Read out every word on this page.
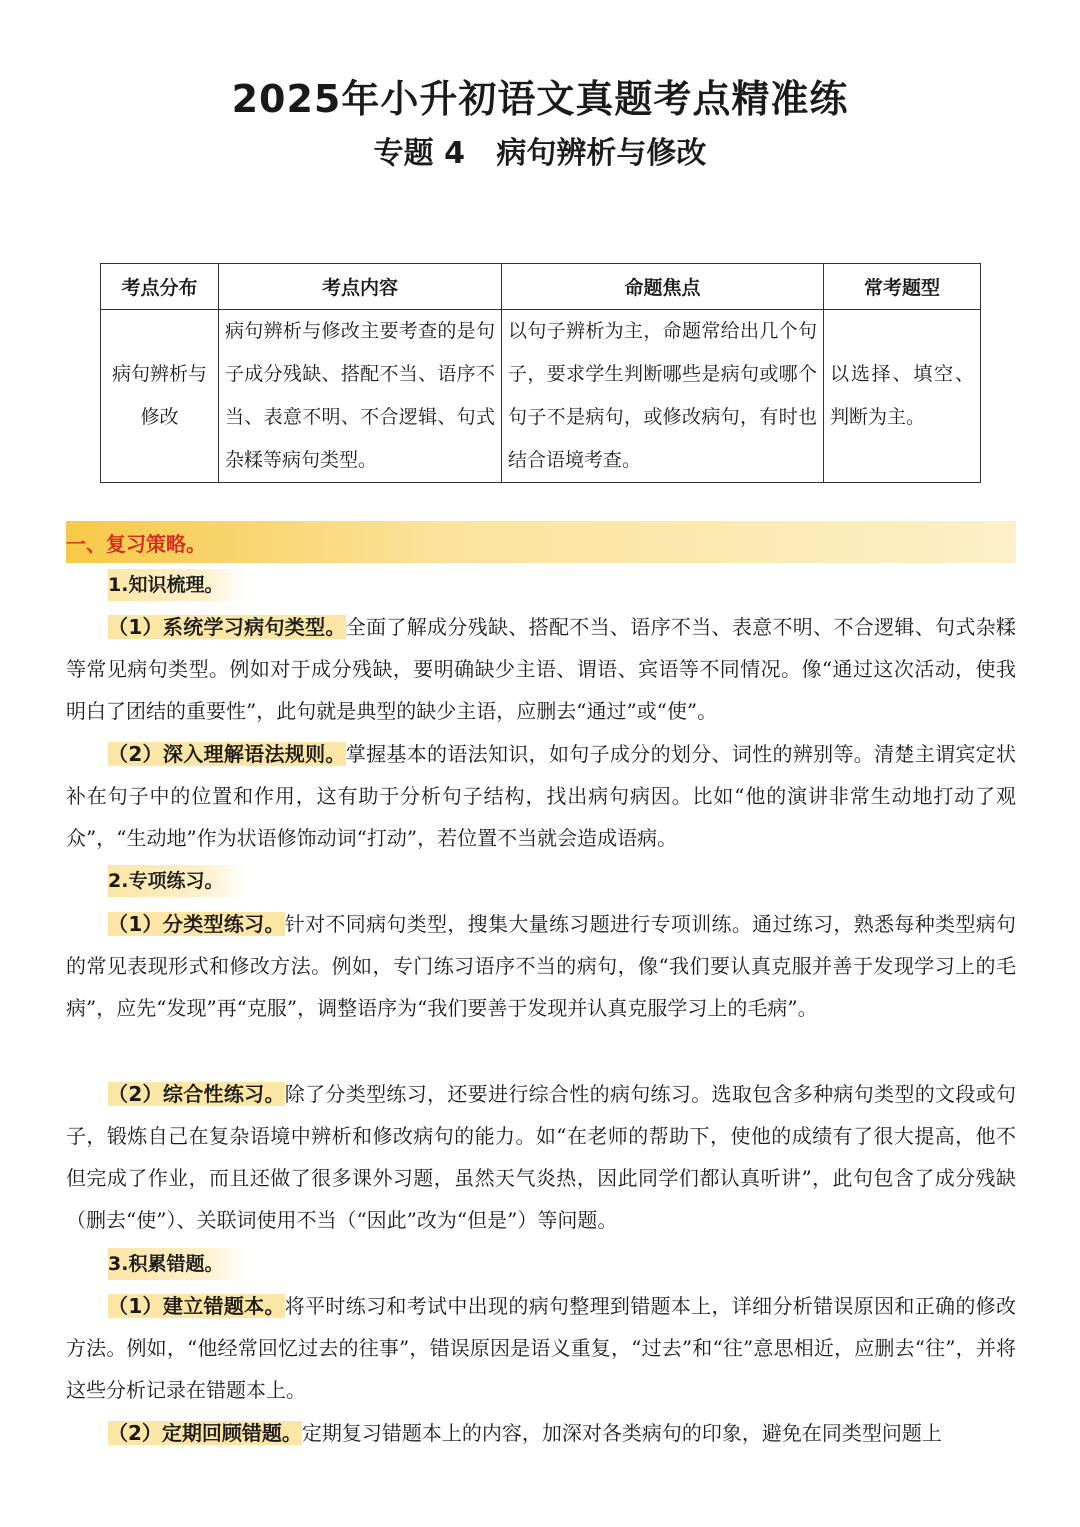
2025年小升初语文真题考点精准练
专题 4   病句辨析与修改
考点分布	考点内容	命题焦点	常考题型
病句辨析与修改	病句辨析与修改主要考查的是句子成分残缺、搭配不当、语序不当、表意不明、不合逻辑、句式杂糅等病句类型。	以句子辨析为主，命题常给出几个句子，要求学生判断哪些是病句或哪个句子不是病句，或修改病句，有时也结合语境考查。	以选择、填空、判断为主。
一、复习策略。
1.知识梳理。
（1）系统学习病句类型。全面了解成分残缺、搭配不当、语序不当、表意不明、不合逻辑、句式杂糅等常见病句类型。例如对于成分残缺，要明确缺少主语、谓语、宾语等不同情况。像“通过这次活动，使我明白了团结的重要性”，此句就是典型的缺少主语，应删去“通过”或“使”。
（2）深入理解语法规则。掌握基本的语法知识，如句子成分的划分、词性的辨别等。清楚主谓宾定状补在句子中的位置和作用，这有助于分析句子结构，找出病句病因。比如“他的演讲非常生动地打动了观众”，“生动地”作为状语修饰动词“打动”，若位置不当就会造成语病。
2.专项练习。
（1）分类型练习。针对不同病句类型，搜集大量练习题进行专项训练。通过练习，熟悉每种类型病句的常见表现形式和修改方法。例如，专门练习语序不当的病句，像“我们要认真克服并善于发现学习上的毛病”，应先“发现”再“克服”，调整语序为“我们要善于发现并认真克服学习上的毛病”。
（2）综合性练习。除了分类型练习，还要进行综合性的病句练习。选取包含多种病句类型的文段或句子，锻炼自己在复杂语境中辨析和修改病句的能力。如“在老师的帮助下，使他的成绩有了很大提高，他不但完成了作业，而且还做了很多课外习题，虽然天气炎热，因此同学们都认真听讲”，此句包含了成分残缺（删去“使”）、关联词使用不当（“因此”改为“但是”）等问题。
3.积累错题。
（1）建立错题本。将平时练习和考试中出现的病句整理到错题本上，详细分析错误原因和正确的修改方法。例如，“他经常回忆过去的往事”，错误原因是语义重复，“过去”和“往”意思相近，应删去“往”，并将这些分析记录在错题本上。
（2）定期回顾错题。定期复习错题本上的内容，加深对各类病句的印象，避免在同类型问题上
